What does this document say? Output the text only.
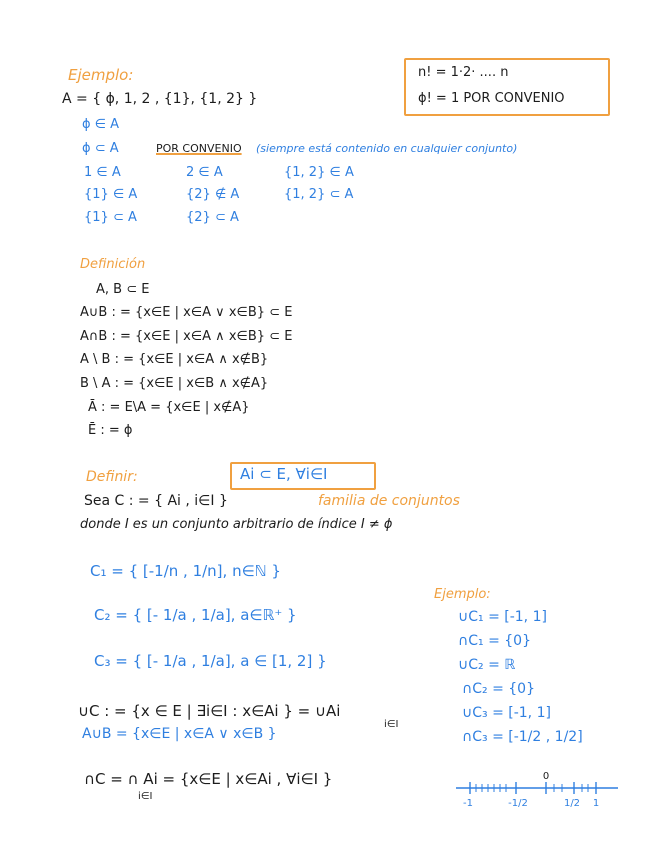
Ejemplo:
A = { ϕ, 1, 2 , {1}, {1, 2} }
n! = 1·2· .... n
ϕ! = 1 POR CONVENIO
ϕ ∈ A
ϕ ⊂ A	POR CONVENIO (siempre está contenido en cualquier conjunto)
1 ∈ A	2 ∈ A	{1, 2} ∈ A
{1} ∈ A	{2} ∉ A	{1, 2} ⊂ A
{1} ⊂ A	{2} ⊂ A
Definición
A, B ⊂ E
A∪B : = {x∈E | x∈A ∨ x∈B} ⊂ E
A∩B : = {x∈E | x∈A ∧ x∈B} ⊂ E
A \ B : = {x∈E | x∈A ∧ x∉B}
B \ A : = {x∈E | x∈B ∧ x∉A}
Ā : = E\A = {x∈E | x∉A}
Ē : = ϕ
Definir:	Ai ⊂ E, ∀i∈I
Sea C : = { Ai , i∈I }	familia de conjuntos
donde I es un conjunto arbitrario de índice I ≠ ϕ
C₁ = { [-1/n , 1/n], n∈ℕ }
C₂ = { [- 1/a , 1/a], a∈ℝ⁺ }
C₃ = { [- 1/a , 1/a], a ∈ [1, 2] }
∪C : = {x ∈ E | ∃i∈I : x∈Ai } = ∪Ai
i∈I
A∪B = {x∈E | x∈A ∨ x∈B }
∩C = ∩ Ai = {x∈E | x∈Ai , ∀i∈I }
i∈I
Ejemplo:
∪C₁ = [-1, 1]
∩C₁ = {0}
∪C₂ = ℝ
∩C₂ = {0}
∪C₃ = [-1, 1]
∩C₃ = [-1/2 , 1/2]
0
-1	-1/2	1/2 1
